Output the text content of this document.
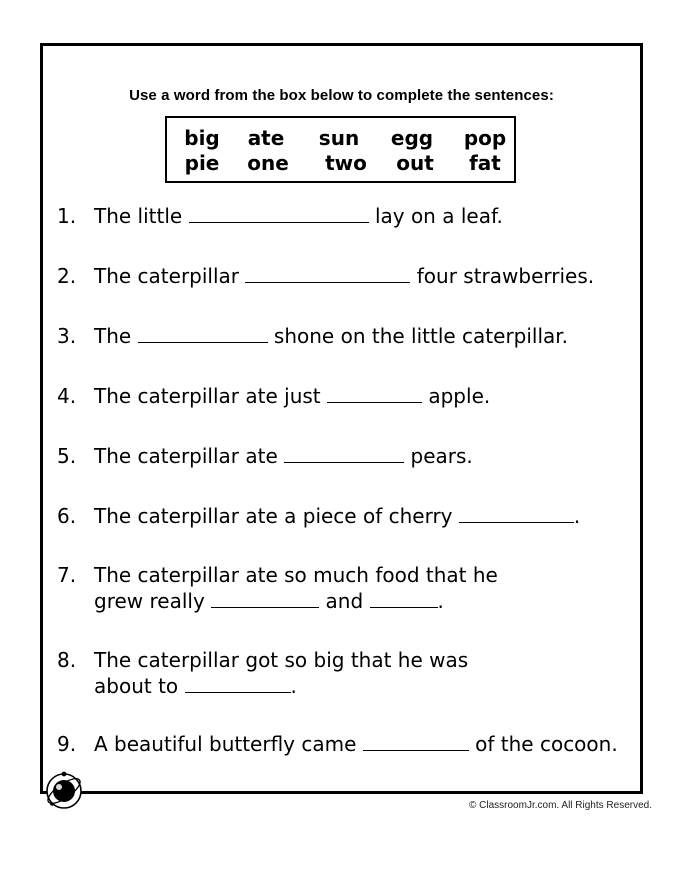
Use a word from the box below to complete the sentences:
big	ate	sun	egg	pop
pie	one	two	out	fat
1. The little	lay on a leaf.
2. The caterpillar	four strawberries.
3. The	shone on the little caterpillar.
4. The caterpillar ate just	apple.
5. The caterpillar ate	pears.
6. The caterpillar ate a piece of cherry	.
7. The caterpillar ate so much food that he
grew really	and	.
8. The caterpillar got so big that he was
about to	.
9. A beautiful butterfly came	of the cocoon.
© ClassroomJr.com. All Rights Reserved.
